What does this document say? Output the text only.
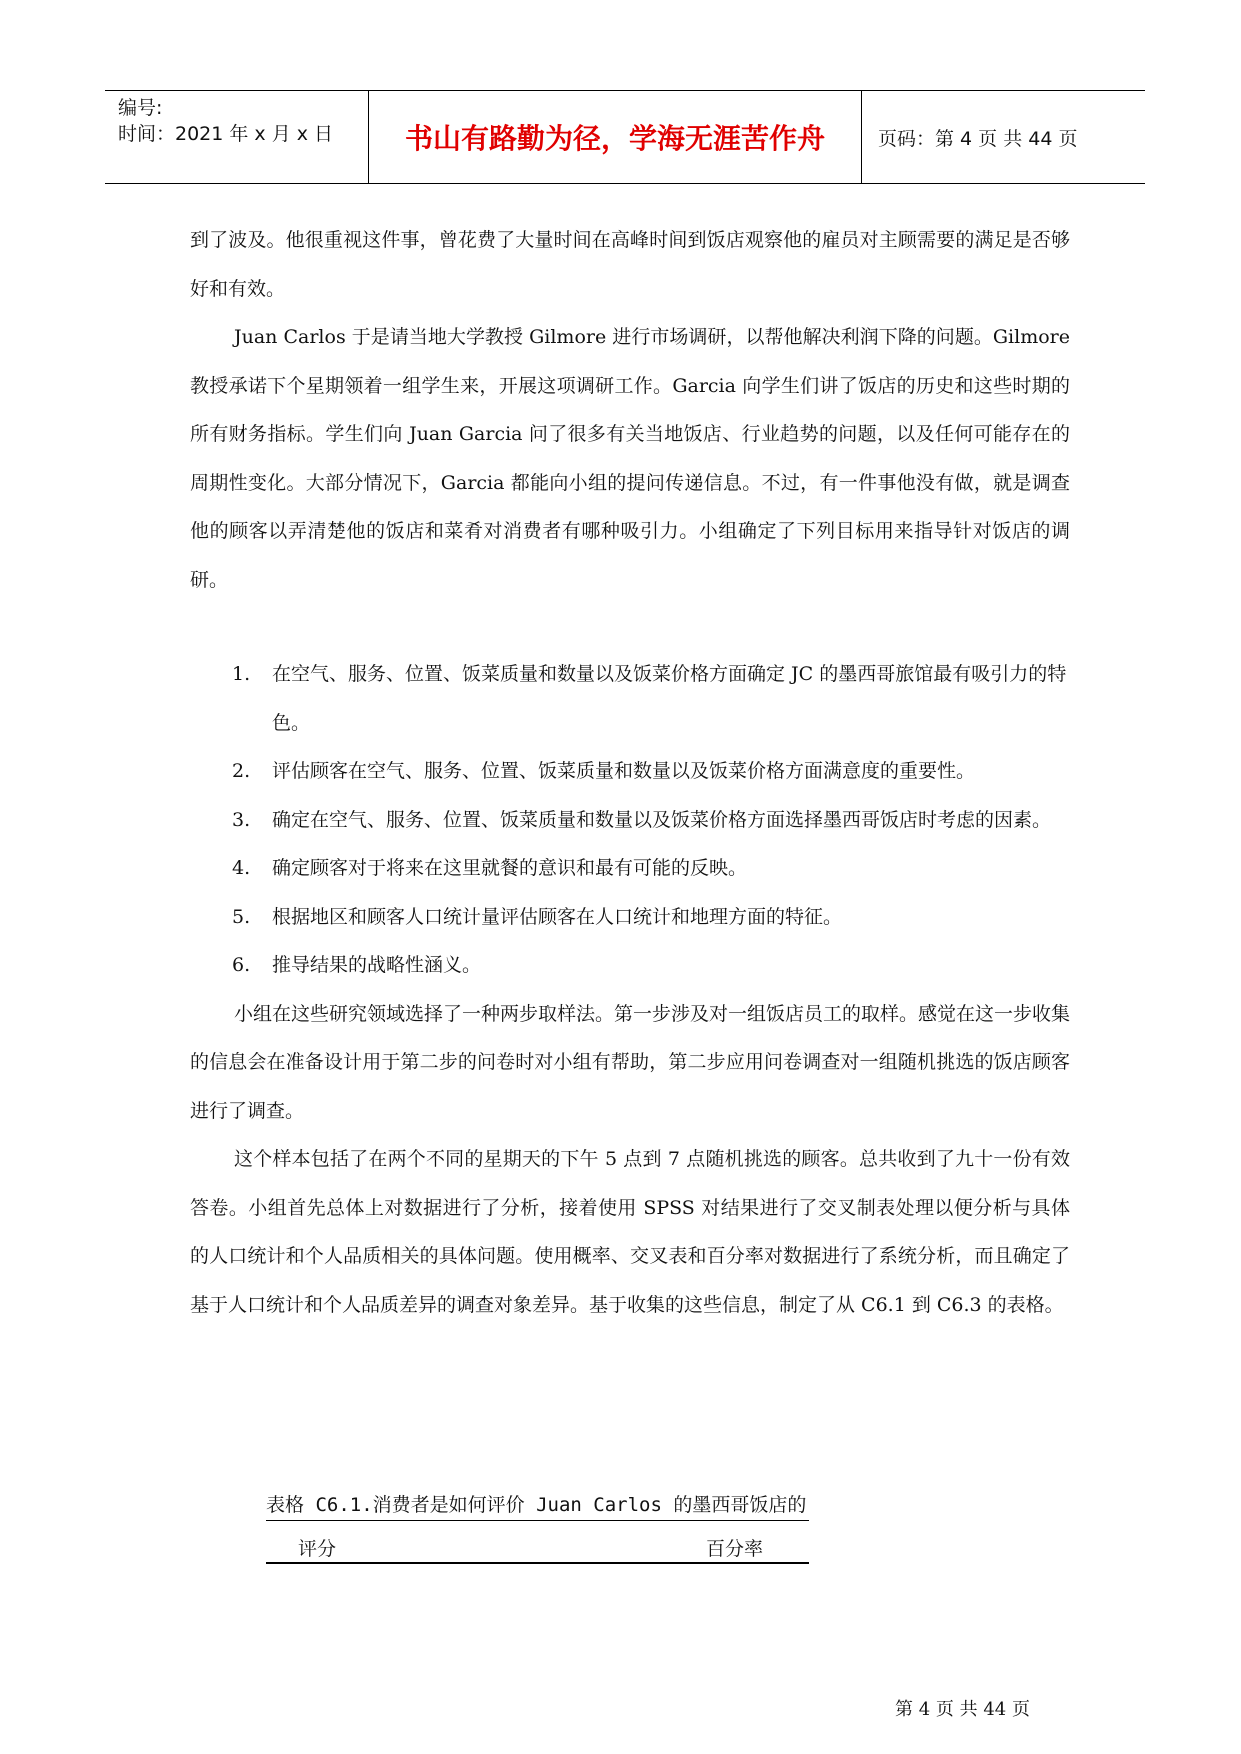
编号:
时间：2021 年 x 月 x 日	书山有路勤为径，学海无涯苦作舟	页码：第 4 页 共 44 页

到了波及。他很重视这件事，曾花费了大量时间在高峰时间到饭店观察他的雇员对主顾需要的满足是否够好和有效。

Juan Carlos 于是请当地大学教授 Gilmore 进行市场调研，以帮他解决利润下降的问题。Gilmore 教授承诺下个星期领着一组学生来，开展这项调研工作。Garcia 向学生们讲了饭店的历史和这些时期的所有财务指标。学生们向 Juan Garcia 问了很多有关当地饭店、行业趋势的问题，以及任何可能存在的周期性变化。大部分情况下，Garcia 都能向小组的提问传递信息。不过，有一件事他没有做，就是调查他的顾客以弄清楚他的饭店和菜肴对消费者有哪种吸引力。小组确定了下列目标用来指导针对饭店的调研。

1. 在空气、服务、位置、饭菜质量和数量以及饭菜价格方面确定 JC 的墨西哥旅馆最有吸引力的特色。
2. 评估顾客在空气、服务、位置、饭菜质量和数量以及饭菜价格方面满意度的重要性。
3. 确定在空气、服务、位置、饭菜质量和数量以及饭菜价格方面选择墨西哥饭店时考虑的因素。
4. 确定顾客对于将来在这里就餐的意识和最有可能的反映。
5. 根据地区和顾客人口统计量评估顾客在人口统计和地理方面的特征。
6. 推导结果的战略性涵义。

小组在这些研究领域选择了一种两步取样法。第一步涉及对一组饭店员工的取样。感觉在这一步收集的信息会在准备设计用于第二步的问卷时对小组有帮助，第二步应用问卷调查对一组随机挑选的饭店顾客进行了调查。

这个样本包括了在两个不同的星期天的下午 5 点到 7 点随机挑选的顾客。总共收到了九十一份有效答卷。小组首先总体上对数据进行了分析，接着使用 SPSS 对结果进行了交叉制表处理以便分析与具体的人口统计和个人品质相关的具体问题。使用概率、交叉表和百分率对数据进行了系统分析，而且确定了基于人口统计和个人品质差异的调查对象差异。基于收集的这些信息，制定了从 C6.1 到 C6.3 的表格。

表格 C6.1.消费者是如何评价 Juan Carlos 的墨西哥饭店的
评分	百分率
第 4 页 共 44 页
